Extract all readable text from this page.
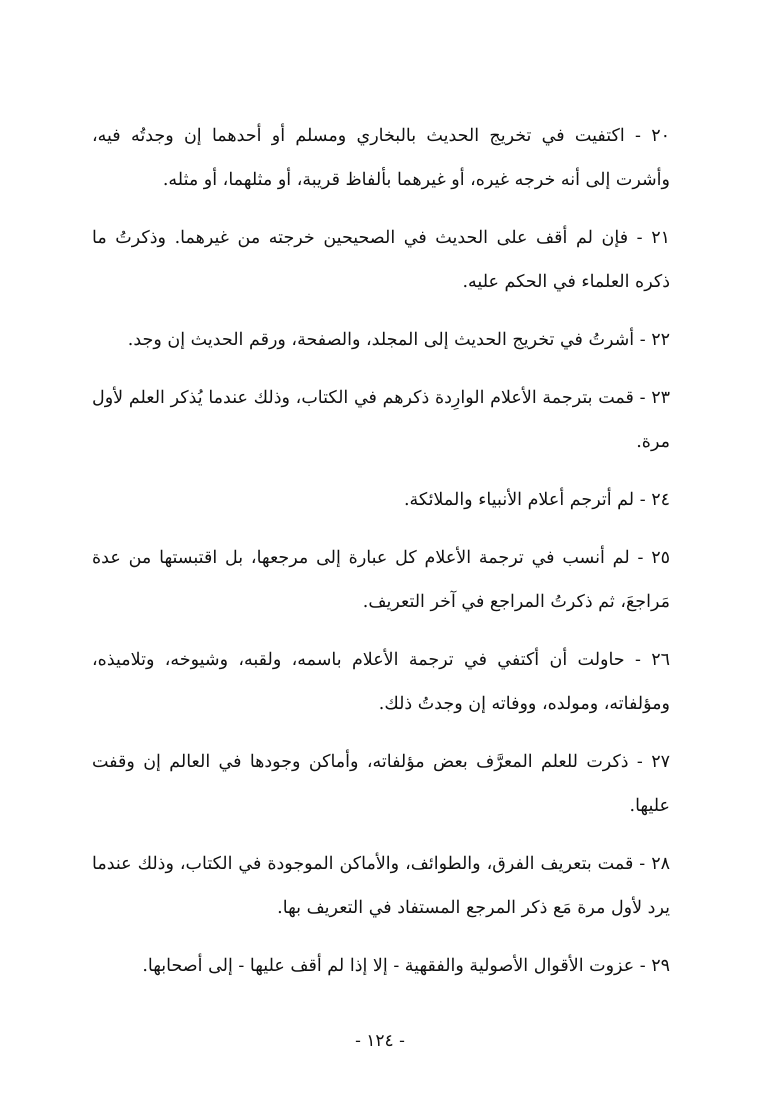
٢٠ - اكتفيت في تخريج الحديث بالبخاري ومسلم أو أحدهما إن وجدتُه فيه، وأشرت إلى أنه خرجه غيره، أو غيرهما بألفاظ قريبة، أو مثلهما، أو مثله.

٢١ - فإن لم أقف على الحديث في الصحيحين خرجته من غيرهما. وذكرتُ ما ذكره العلماء في الحكم عليه.

٢٢ - أشرتُ في تخريج الحديث إلى المجلد، والصفحة، ورقم الحديث إن وجد.

٢٣ - قمت بترجمة الأعلام الوارِدة ذكرهم في الكتاب، وذلك عندما يُذكر العلم لأول مرة.

٢٤ - لم أترجم أعلام الأنبياء والملائكة.

٢٥ - لم أنسب في ترجمة الأعلام كل عبارة إلى مرجعها، بل اقتبستها من عدة مَراجعَ، ثم ذكرتُ المراجع في آخر التعريف.

٢٦ - حاولت أن أكتفي في ترجمة الأعلام باسمه، ولقبه، وشيوخه، وتلاميذه، ومؤلفاته، ومولده، ووفاته إن وجدتُ ذلك.

٢٧ - ذكرت للعلم المعرَّف بعض مؤلفاته، وأماكن وجودها في العالم إن وقفت عليها.

٢٨ - قمت بتعريف الفرق، والطوائف، والأماكن الموجودة في الكتاب، وذلك عندما يرد لأول مرة مَع ذكر المرجع المستفاد في التعريف بها.

٢٩ - عزوت الأقوال الأصولية والفقهية - إلا إذا لم أقف عليها - إلى أصحابها.

- ١٢٤ -
